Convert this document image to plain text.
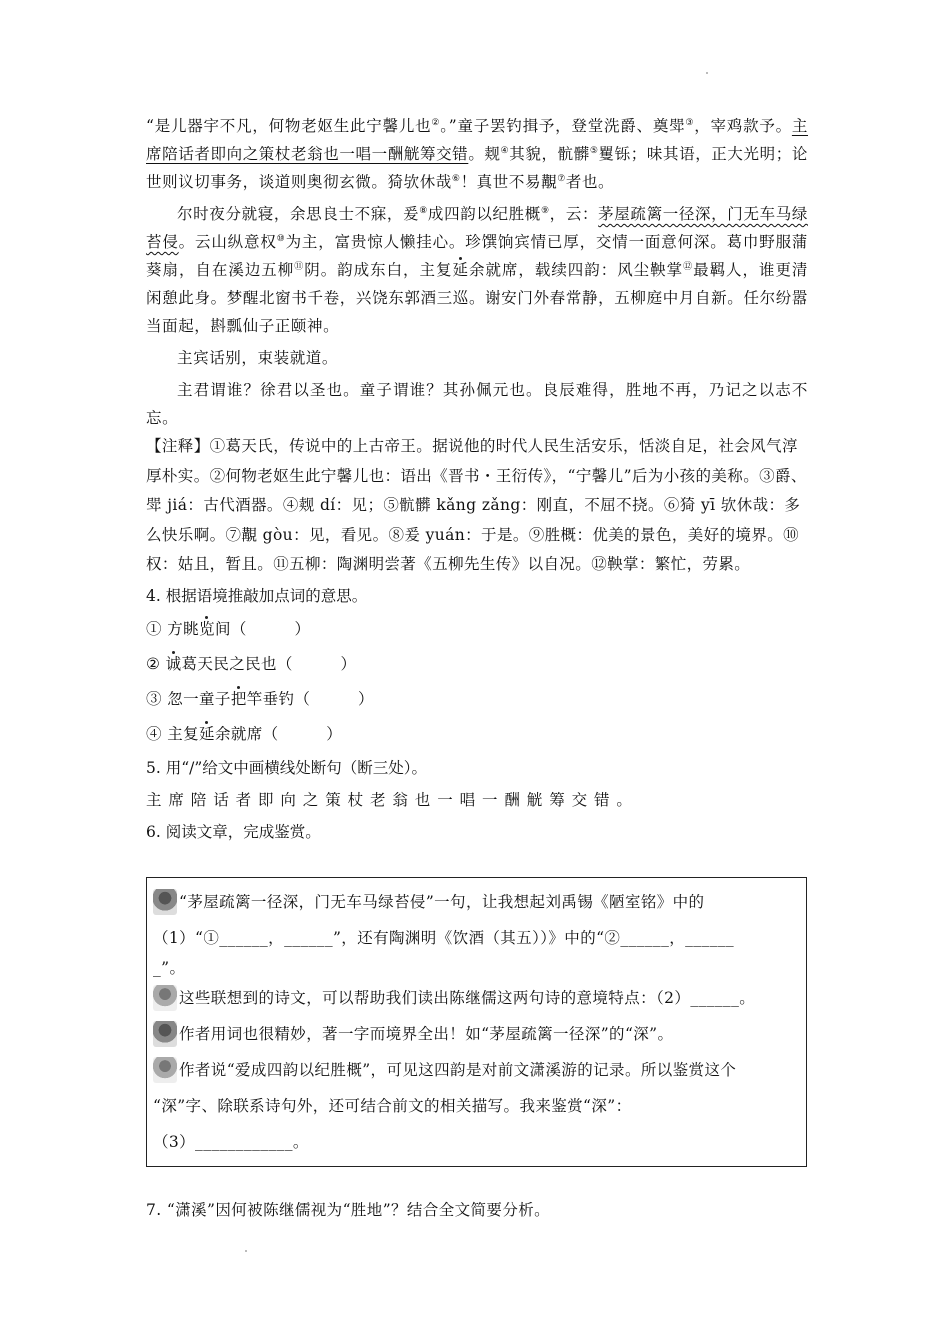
“是儿器宇不凡，何物老妪生此宁馨儿也②。”童子罢钓揖予，登堂洗爵、奠斝③，宰鸡款予。主席陪话者即向之策杖老翁也一唱一酬觥筹交错。觌④其貌，骯髒⑤矍铄；味其语，正大光明；论世则议切事务，谈道则奥彻玄微。猗欤休哉⑥！真世不易覯⑦者也。

尔时夜分就寝，余思良士不寐，爰⑧成四韵以纪胜概⑨，云：茅屋疏篱一径深，门无车马绿苔侵。云山纵意权⑩为主，富贵惊人懒挂心。珍馔饷宾情已厚，交情一面意何深。葛巾野服蒲葵扇，自在溪边五柳⑪阴。韵成东白，主复延余就席，载续四韵：风尘鞅掌⑫最羁人，谁更清闲憩此身。梦醒北窗书千卷，兴饶东郭酒三巡。谢安门外春常静，五柳庭中月自新。任尔纷嚣当面起，斟瓢仙子正颐神。

主宾话别，束装就道。

主君谓谁？徐君以圣也。童子谓谁？其孙佩元也。良辰难得，胜地不再，乃记之以志不忘。

【注释】①葛天氏，传说中的上古帝王。据说他的时代人民生活安乐，恬淡自足，社会风气淳厚朴实。②何物老妪生此宁馨儿也：语出《晋书・王衍传》，“宁馨儿”后为小孩的美称。③爵、斝 jiá：古代酒器。④觌 dí：见；⑤骯髒 kǎng zǎng：刚直，不屈不挠。⑥猗 yī 欤休哉：多么快乐啊。⑦覯 gòu：见，看见。⑧爰 yuán：于是。⑨胜概：优美的景色，美好的境界。⑩权：姑且，暂且。⑪五柳：陶渊明尝著《五柳先生传》以自况。⑫鞅掌：繁忙，劳累。

4. 根据语境推敲加点词的意思。

① 方眺览间（　　　）

② 诚葛天民之民也（　　　）

③ 忽一童子把竿垂钓（　　　）

④ 主复延余就席（　　　）

5. 用“/”给文中画横线处断句（断三处）。

主席陪话者即向之策杖老翁也一唱一酬觥筹交错。

6. 阅读文章，完成鉴赏。

“茅屋疏篱一径深，门无车马绿苔侵”一句，让我想起刘禹锡《陋室铭》中的

（1）“①______，______”，还有陶渊明《饮酒（其五））》中的“②______，______

_”。

这些联想到的诗文，可以帮助我们读出陈继儒这两句诗的意境特点：（2）______。

作者用词也很精妙，著一字而境界全出！如“茅屋疏篱一径深”的“深”。

作者说“爱成四韵以纪胜概”，可见这四韵是对前文潇溪游的记录。所以鉴赏这个

“深”字、除联系诗句外，还可结合前文的相关描写。我来鉴赏“深”：

（3）____________。

7. “潇溪”因何被陈继儒视为“胜地”？结合全文简要分析。
